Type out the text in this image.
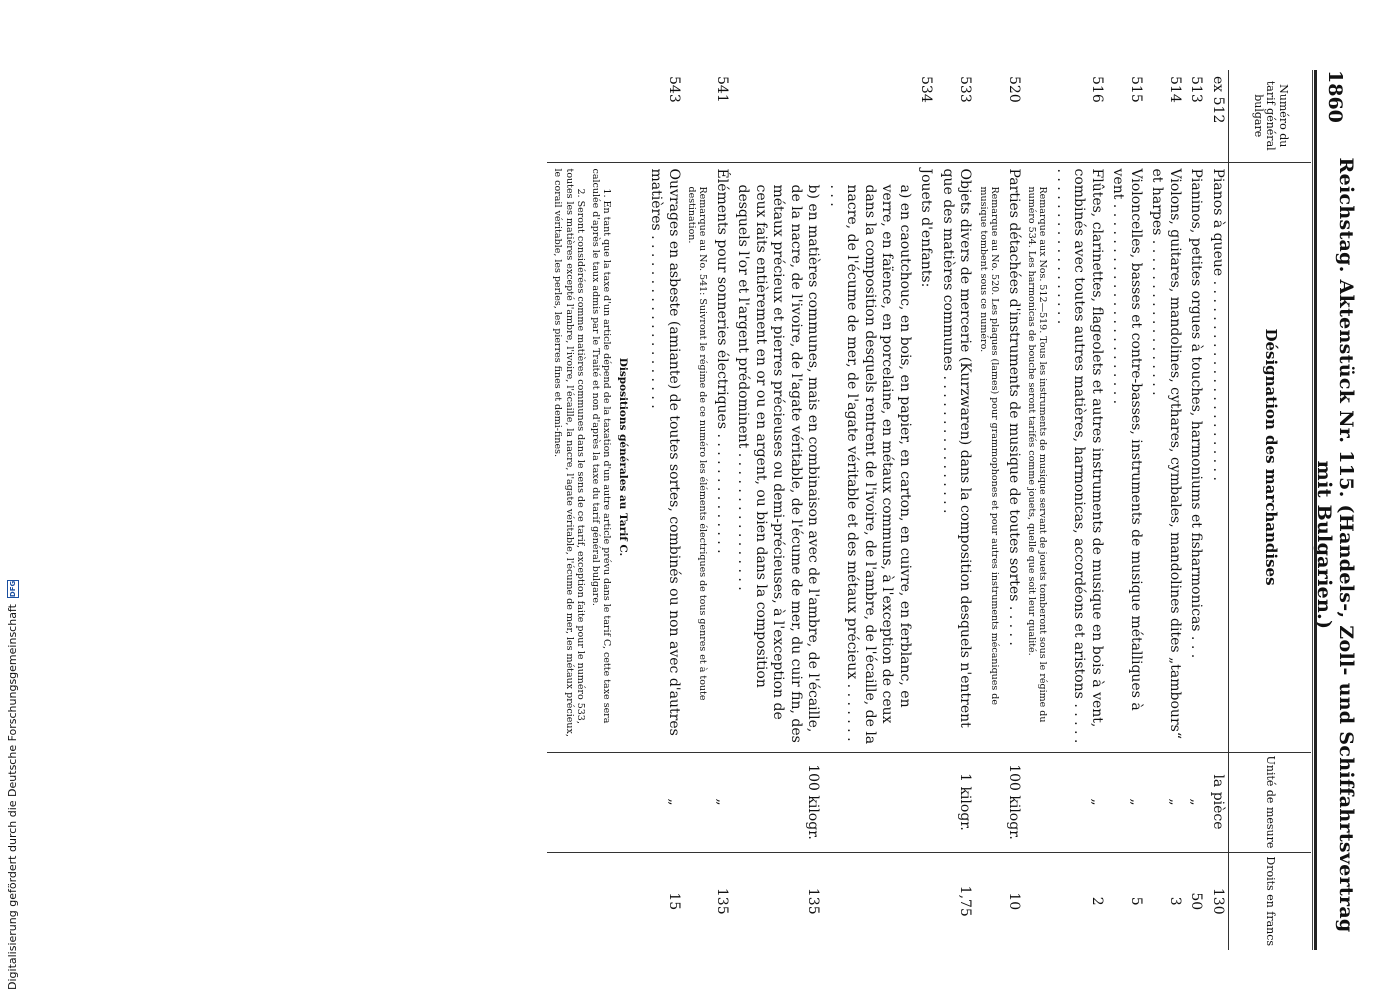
Digitalisierung gefördert durch die Deutsche Forschungsgemeinschaft
DFG
1860
Reichstag. Aktenstück Nr. 115. (Handels-, Zoll- und Schiffahrtsvertrag mit Bulgarien.)
Numéro du tarif général bulgare	Désignation des marchandises	Unité de mesure	Droits en francs
ex 512	Pianos à queue . . . . . . . . . . . . . . . . . . . . . . .	la pièce	130
513	Pianinos, petites orgues à touches, harmoniums et fisharmonicas . . .	„	50
514	Violons, guitares, mandolines, cythares, cymbales, mandolines dites „tambours“ et harpes . . . . . . . . . . . . . . . . . .	„	3
515	Violoncelles, basses et contre-basses, instruments de musique métalliques à vent . . . . . . . . . . . . . . . . . . . . . . .	„	5
516	Flûtes, clarinettes, flageolets et autres instruments de musique en bois à vent, combinés avec toutes autres matières, harmonicas, accordéons et aristons . . . . . . . . . . . . . . . . . . . . . . .	„	2
	Remarque aux Nos. 512—519. Tous les instruments de musique servant de jouets tomberont sous le régime du numéro 534. Les harmonicas de bouche seront tarifés comme jouets, quelle que soit leur qualité.		
520	Parties détachées d'instruments de musique de toutes sortes . . . . .	100 kilogr.	10
	Remarque au No. 520. Les plaques (lames) pour grammophones et pour autres instruments mécaniques de musique tombent sous ce numéro.		
533	Objets divers de mercerie (Kurzwaren) dans la composition desquels n'entrent que des matières communes . . . . . . . . . . . . . . . .	1 kilogr.	1,75
534	Jouets d'enfants:		
	a) en caoutchouc, en bois, en papier, en carton, en cuivre, en ferblanc, en verre, en faïence, en porcelaine, en métaux communs, à l'exception de ceux dans la composition desquels rentrent de l'ivoire, de l'ambre, de l'écaille, de la nacre, de l'écume de mer, de l'agate véritable et des métaux précieux . . . . . . . . . .		
	b) en matières communes, mais en combinaison avec de l'ambre, de l'écaille, de la nacre, de l'ivoire, de l'agate véritable, de l'écume de mer, du cuir fin, des métaux précieux et pierres précieuses ou demi-précieuses, à l'exception de ceux faits entièrement en or ou en argent, ou bien dans la composition desquels l'or et l'argent prédominent . . . . . . . . . . . . . . . .	100 kilogr.	135
541	Éléments pour sonneries électriques . . . . . . . . . . . . . .	„	135
	Remarque au No. 541: Suivront le régime de ce numéro les éléments électriques de tous genres et à toute destination.		
543	Ouvrages en asbeste (amiante) de toutes sortes, combinés ou non avec d'autres matières . . . . . . . . . . . . . . . . . . . .	„	15

	Dispositions générales au Tarif C.

1. En tant que la taxe d'un article dépend de la taxation d'un autre article prévu dans le tarif C, cette taxe sera calculée d'après le taux admis par le Traité et non d'après la taxe du tarif général bulgare.

2. Seront considérées comme matières communes dans le sens de ce tarif, exception faite pour le numéro 533, toutes les matières excepté l'ambre, l'ivoire, l'écaille, la nacre, l'agate véritable, l'écume de mer, les métaux précieux, le corail véritable, les perles, les pierres fines et demi-fines.		
